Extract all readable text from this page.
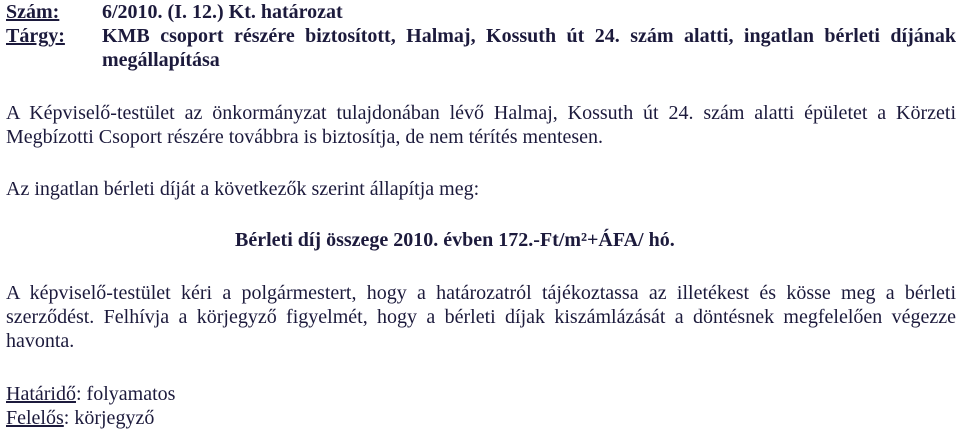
Szám:	6/2010. (I. 12.) Kt. határozat
Tárgy:	KMB csoport részére biztosított, Halmaj, Kossuth út 24. szám alatti, ingatlan bérleti díjának megállapítása

A Képviselő-testület az önkormányzat tulajdonában lévő Halmaj, Kossuth út 24. szám alatti épületet a Körzeti Megbízotti Csoport részére továbbra is biztosítja, de nem térítés mentesen.

Az ingatlan bérleti díját a következők szerint állapítja meg:

Bérleti díj összege 2010. évben 172.-Ft/m²+ÁFA/ hó.

A képviselő-testület kéri a polgármestert, hogy a határozatról tájékoztassa az illetékest és kösse meg a bérleti szerződést. Felhívja a körjegyző figyelmét, hogy a bérleti díjak kiszámlázását a döntésnek megfelelően végezze havonta.

Határidő: folyamatos
Felelős: körjegyző
